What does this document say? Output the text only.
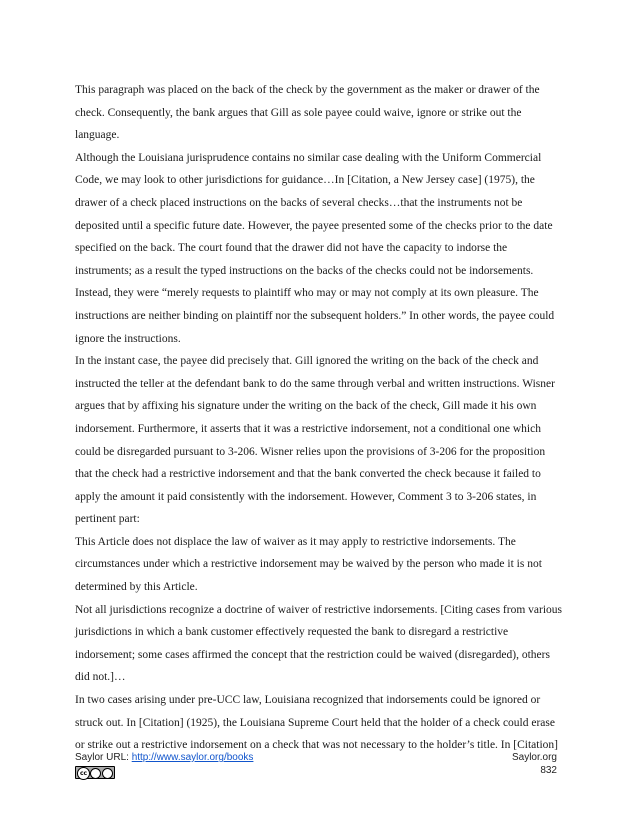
This paragraph was placed on the back of the check by the government as the maker or drawer of the check. Consequently, the bank argues that Gill as sole payee could waive, ignore or strike out the language.

Although the Louisiana jurisprudence contains no similar case dealing with the Uniform Commercial Code, we may look to other jurisdictions for guidance…In [Citation, a New Jersey case] (1975), the drawer of a check placed instructions on the backs of several checks…that the instruments not be deposited until a specific future date. However, the payee presented some of the checks prior to the date specified on the back. The court found that the drawer did not have the capacity to indorse the instruments; as a result the typed instructions on the backs of the checks could not be indorsements. Instead, they were “merely requests to plaintiff who may or may not comply at its own pleasure. The instructions are neither binding on plaintiff nor the subsequent holders.” In other words, the payee could ignore the instructions.

In the instant case, the payee did precisely that. Gill ignored the writing on the back of the check and instructed the teller at the defendant bank to do the same through verbal and written instructions. Wisner argues that by affixing his signature under the writing on the back of the check, Gill made it his own indorsement. Furthermore, it asserts that it was a restrictive indorsement, not a conditional one which could be disregarded pursuant to 3-206. Wisner relies upon the provisions of 3-206 for the proposition that the check had a restrictive indorsement and that the bank converted the check because it failed to apply the amount it paid consistently with the indorsement. However, Comment 3 to 3-206 states, in pertinent part:

This Article does not displace the law of waiver as it may apply to restrictive indorsements. The circumstances under which a restrictive indorsement may be waived by the person who made it is not determined by this Article.

Not all jurisdictions recognize a doctrine of waiver of restrictive indorsements. [Citing cases from various jurisdictions in which a bank customer effectively requested the bank to disregard a restrictive indorsement; some cases affirmed the concept that the restriction could be waived (disregarded), others did not.]…

In two cases arising under pre-UCC law, Louisiana recognized that indorsements could be ignored or struck out. In [Citation] (1925), the Louisiana Supreme Court held that the holder of a check could erase or strike out a restrictive indorsement on a check that was not necessary to the holder’s title. In [Citation]

Saylor URL: http://www.saylor.org/books
cc
Saylor.org
832
